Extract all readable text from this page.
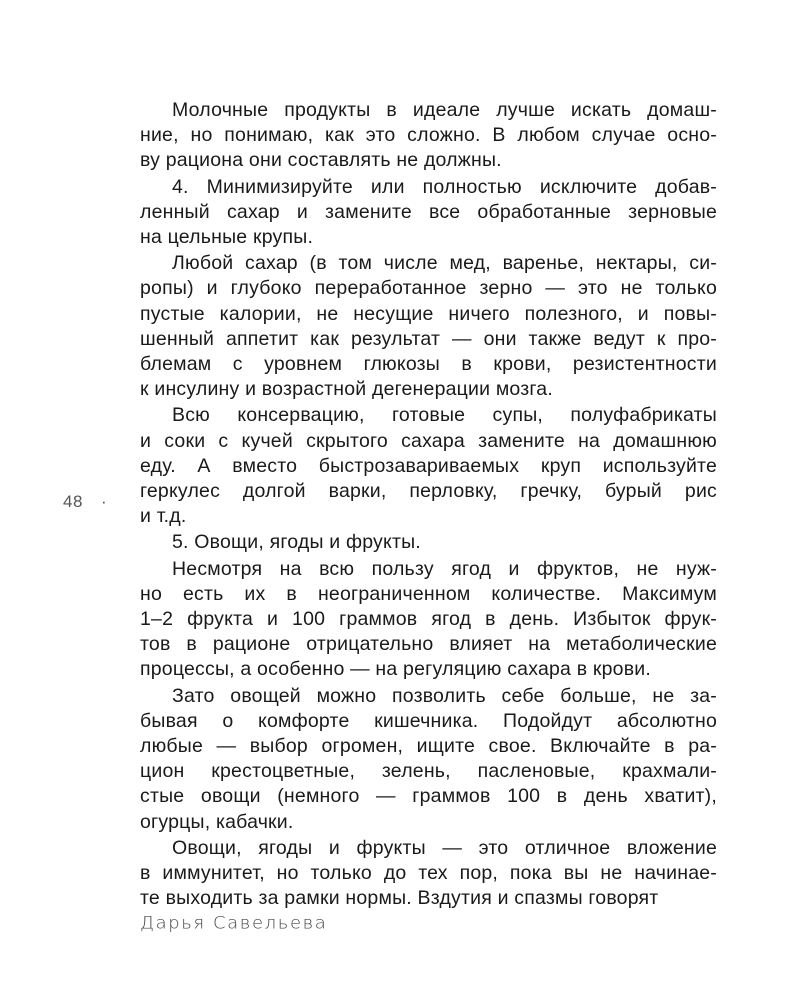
Молочные продукты в идеале лучше искать домаш-
ние, но понимаю, как это сложно. В любом случае осно-
ву рациона они составлять не должны.
4. Минимизируйте или полностью исключите добав-
ленный сахар и замените все обработанные зерновые
на цельные крупы.
Любой сахар (в том числе мед, варенье, нектары, си-
ропы) и глубоко переработанное зерно — это не только
пустые калории, не несущие ничего полезного, и повы-
шенный аппетит как результат — они также ведут к про-
блемам с уровнем глюкозы в крови, резистентности
к инсулину и возрастной дегенерации мозга.
Всю консервацию, готовые супы, полуфабрикаты
и соки с кучей скрытого сахара замените на домашнюю
еду. А вместо быстрозавариваемых круп используйте
геркулес долгой варки, перловку, гречку, бурый рис
и т.д.
5. Овощи, ягоды и фрукты.
Несмотря на всю пользу ягод и фруктов, не нуж-
но есть их в неограниченном количестве. Максимум
1–2 фрукта и 100 граммов ягод в день. Избыток фрук-
тов в рационе отрицательно влияет на метаболические
процессы, а особенно — на регуляцию сахара в крови.
Зато овощей можно позволить себе больше, не за-
бывая о комфорте кишечника. Подойдут абсолютно
любые — выбор огромен, ищите свое. Включайте в ра-
цион крестоцветные, зелень, пасленовые, крахмали-
стые овощи (немного — граммов 100 в день хватит),
огурцы, кабачки.
Овощи, ягоды и фрукты — это отличное вложение
в иммунитет, но только до тех пор, пока вы не начинае-
те выходить за рамки нормы. Вздутия и спазмы говорят
48 ·
Дарья Савельева
